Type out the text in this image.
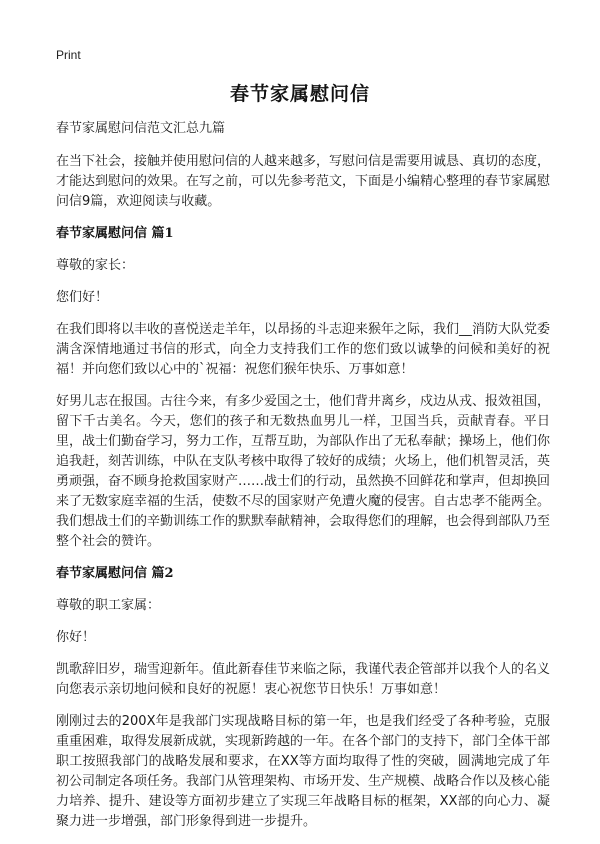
Print
春节家属慰问信

春节家属慰问信范文汇总九篇

在当下社会，接触并使用慰问信的人越来越多，写慰问信是需要用诚恳、真切的态度，才能达到慰问的效果。在写之前，可以先参考范文，下面是小编精心整理的春节家属慰问信9篇，欢迎阅读与收藏。

春节家属慰问信 篇1

尊敬的家长：

您们好！

在我们即将以丰收的喜悦送走羊年，以昂扬的斗志迎来猴年之际，我们__消防大队党委满含深情地通过书信的形式，向全力支持我们工作的您们致以诚挚的问候和美好的祝福！并向您们致以心中的`祝福：祝您们猴年快乐、万事如意！

好男儿志在报国。古往今来，有多少爱国之士，他们背井离乡，戍边从戎、报效祖国，留下千古美名。今天，您们的孩子和无数热血男儿一样，卫国当兵，贡献青春。平日里，战士们勤奋学习，努力工作，互帮互助，为部队作出了无私奉献；操场上，他们你追我赶，刻苦训练，中队在支队考核中取得了较好的成绩；火场上，他们机智灵活，英勇顽强，奋不顾身抢救国家财产……战士们的行动，虽然换不回鲜花和掌声，但却换回来了无数家庭幸福的生活，使数不尽的国家财产免遭火魔的侵害。自古忠孝不能两全。我们想战士们的辛勤训练工作的默默奉献精神，会取得您们的理解，也会得到部队乃至整个社会的赞许。

春节家属慰问信 篇2

尊敬的职工家属：

你好！

凯歌辞旧岁，瑞雪迎新年。值此新春佳节来临之际，我谨代表企管部并以我个人的名义向您表示亲切地问候和良好的祝愿！衷心祝您节日快乐！万事如意！

刚刚过去的200X年是我部门实现战略目标的第一年，也是我们经受了各种考验，克服重重困难，取得发展新成就，实现新跨越的一年。在各个部门的支持下，部门全体干部职工按照我部门的战略发展和要求，在XX等方面均取得了性的突破，圆满地完成了年初公司制定各项任务。我部门从管理架构、市场开发、生产规模、战略合作以及核心能力培养、提升、建设等方面初步建立了实现三年战略目标的框架，XX部的向心力、凝聚力进一步增强，部门形象得到进一步提升。
